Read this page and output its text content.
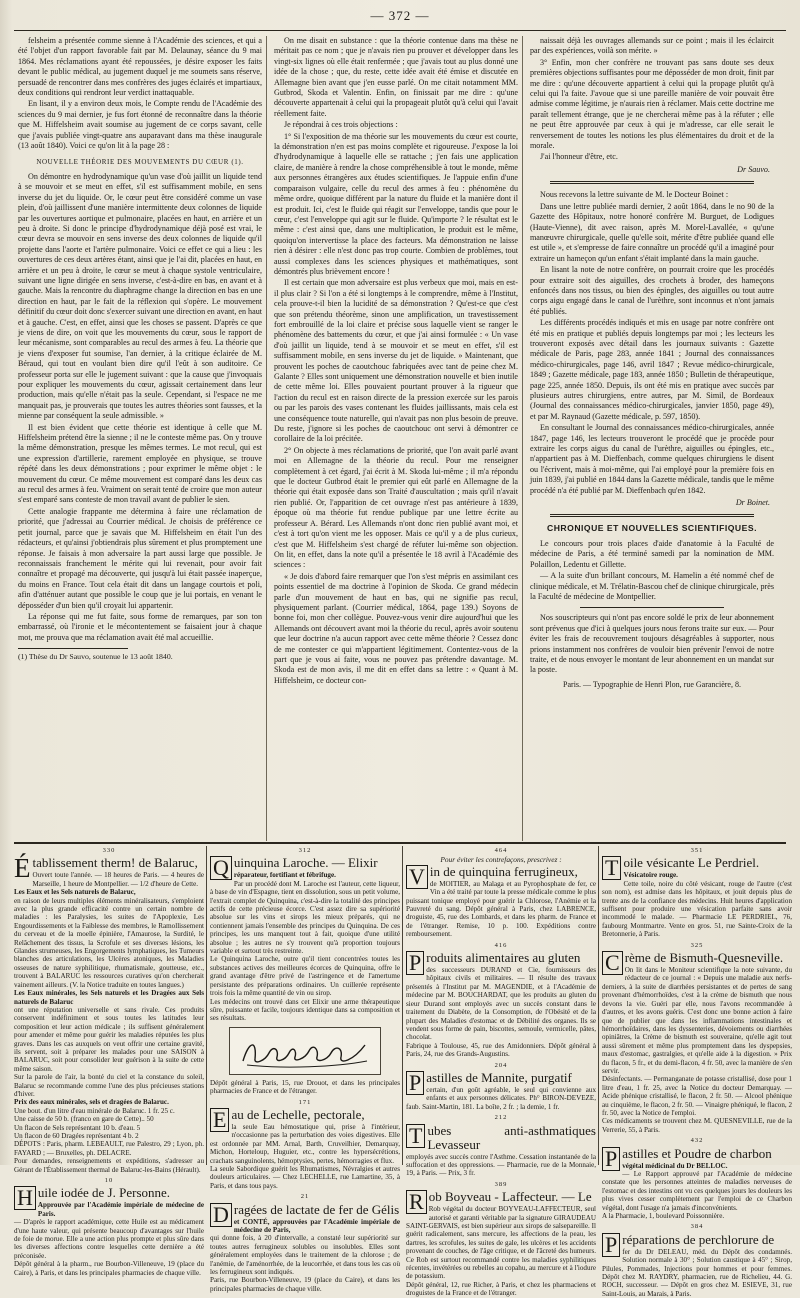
— 372 —

felsheim a présentée comme sienne à l'Académie des sciences, et qui a été l'objet d'un rapport favorable fait par M. Delaunay, séance du 9 mai 1864. Mes réclamations ayant été repoussées, je désire exposer les faits devant le public médical, au jugement duquel je me soumets sans réserve, persuadé de rencontrer dans mes confrères des juges éclairés et impartiaux, deux conditions qui rendront leur verdict inattaquable.

En lisant, il y a environ deux mois, le Compte rendu de l'Académie des sciences du 9 mai dernier, je fus fort étonné de reconnaître dans la théorie que M. Hiffelsheim avait soumise au jugement de ce corps savant, celle que j'avais publiée vingt-quatre ans auparavant dans ma thèse inaugurale (13 août 1840). Voici ce qu'on lit à la page 28 :

NOUVELLE THÉORIE DES MOUVEMENTS DU CŒUR (1).

On démontre en hydrodynamique qu'un vase d'où jaillit un liquide tend à se mouvoir et se meut en effet, s'il est suffisamment mobile, en sens inverse du jet du liquide. Or, le cœur peut être considéré comme un vase plein, d'où jaillissent d'une manière intermittente deux colonnes de liquide par les ouvertures aortique et pulmonaire, placées en haut, en arrière et un peu à droite. Si donc le principe d'hydrodynamique déjà posé est vrai, le cœur devra se mouvoir en sens inverse des deux colonnes de liquide qu'il projette dans l'aorte et l'artère pulmonaire. Voici ce effet ce qui a lieu : les ouvertures de ces deux artères étant, ainsi que je l'ai dit, placées en haut, en arrière et un peu à droite, le cœur se meut à chaque systole ventriculaire, suivant une ligne dirigée en sens inverse, c'est-à-dire en bas, en avant et à gauche. Mais la rencontre du diaphragme change la direction en bas en une direction en haut, par le fait de la réflexion qui s'opère. Le mouvement définitif du cœur doit donc s'exercer suivant une direction en avant, en haut et à gauche. C'est, en effet, ainsi que les choses se passent. D'après ce que je viens de dire, on voit que les mouvements du cœur, sous le rapport de leur mécanisme, sont comparables au recul des armes à feu. La théorie que je viens d'exposer fut soumise, l'an dernier, à la critique éclairée de M. Béraud, qui tout en voulant bien dire qu'il l'eût à son auditoire. Ce professeur porta sur elle le jugement suivant : que la cause que j'invoquais pour expliquer les mouvements du cœur, agissait certainement dans leur production, mais qu'elle n'était pas la seule. Cependant, si l'espace ne me manquait pas, je prouverais que toutes les autres théories sont fausses, et la mienne par conséquent la seule admissible. »

Il est bien évident que cette théorie est identique à celle que M. Hiffelsheim prétend être la sienne ; il ne le conteste même pas. On y trouve la même démonstration, presque les mêmes termes. Le mot recul, qui est une expression d'artillerie, rarement employée en physique, se trouve répété dans les deux démonstrations ; pour exprimer le même objet : le mouvement du cœur. Ce même mouvement est comparé dans les deux cas au recul des armes à feu. Vraiment on serait tenté de croire que mon auteur s'est emparé sans conteste de mon travail avant de publier le sien.

Cette analogie frappante me détermina à faire une réclamation de priorité, que j'adressai au Courrier médical. Je choisis de préférence ce petit journal, parce que je savais que M. Hiffelsheim en était l'un des rédacteurs, et qu'ainsi j'obtiendrais plus sûrement et plus promptement une réponse. Je faisais à mon adversaire la part aussi large que possible. Je reconnaissais franchement le mérite qui lui revenait, pour avoir fait connaître et propagé ma découverte, qui jusqu'à lui était passée inaperçue, du moins en France. Tout cela était dit dans un langage courtois et poli, afin d'atténuer autant que possible le coup que je lui portais, en venant le déposséder d'un bien qu'il croyait lui appartenir.

La réponse qui me fut faite, sous forme de remarques, par son ton embarrassé, où l'ironie et le mécontentement se faisaient jour à chaque mot, me prouva que ma réclamation avait été mal accueillie.

(1) Thèse du Dr Sauvo, soutenue le 13 août 1840.

On me disait en substance : que la théorie contenue dans ma thèse ne méritait pas ce nom ; que je n'avais rien pu prouver et développer dans les vingt-six lignes où elle était renfermée ; que j'avais tout au plus donné une idée de la chose ; que, du reste, cette idée avait été émise et discutée en Allemagne bien avant que j'en eusse parlé. On me citait notamment MM. Gutbrod, Skoda et Valentin. Enfin, on finissait par me dire : qu'une découverte appartenait à celui qui la propageait plutôt qu'à celui qui l'avait réellement faite.

Je répondrai à ces trois objections :

1° Si l'exposition de ma théorie sur les mouvements du cœur est courte, la démonstration n'en est pas moins complète et rigoureuse. J'expose la loi d'hydrodynamique à laquelle elle se rattache ; j'en fais une application claire, de manière à rendre la chose compréhensible à tout le monde, même aux personnes étrangères aux études scientifiques. Je l'appuie enfin d'une comparaison vulgaire, celle du recul des armes à feu : phénomène du même ordre, quoique différent par la nature du fluide et la manière dont il est produit. Ici, c'est le fluide qui réagit sur l'enveloppe, tandis que pour le cœur, c'est l'enveloppe qui agit sur le fluide. Qu'importe ? le résultat est le même : c'est ainsi que, dans une multiplication, le produit est le même, quoiqu'on intervertisse la place des facteurs. Ma démonstration ne laisse rien à désirer : elle n'est donc pas trop courte. Combien de problèmes, tout aussi complexes dans les sciences physiques et mathématiques, sont démontrés plus brièvement encore !

Il est certain que mon adversaire est plus verbeux que moi, mais en est-il plus clair ? Si l'on a été si longtemps à le comprendre, même à l'Institut, cela prouve-t-il bien la lucidité de sa démonstration ? Qu'est-ce que c'est que son prétendu théorème, sinon une amplification, un travestissement fort embrouillé de la loi claire et précise sous laquelle vient se ranger le phénomène des battements du cœur, et que j'ai ainsi formulée : « Un vase d'où jaillit un liquide, tend à se mouvoir et se meut en effet, s'il est suffisamment mobile, en sens inverse du jet de liquide. » Maintenant, que prouvent les poches de caoutchouc fabriquées avec tant de peine chez M. Galante ? Elles sont uniquement une démonstration nouvelle et bien inutile de cette même loi. Elles pouvaient pourtant prouver à la rigueur que l'action du recul est en raison directe de la pression exercée sur les parois ou par les parois des vases contenant les fluides jaillissants, mais cela est une conséquence toute naturelle, qui n'avait pas non plus besoin de preuve. Du reste, j'ignore si les poches de caoutchouc ont servi à démontrer ce corollaire de la loi précitée.

2° On objecte à mes réclamations de priorité, que l'on avait parlé avant moi en Allemagne de la théorie du recul. Pour me renseigner complètement à cet égard, j'ai écrit à M. Skoda lui-même ; il m'a répondu que le docteur Gutbrod était le premier qui eût parlé en Allemagne de la théorie qui était exposée dans son Traité d'auscultation ; mais qu'il n'avait rien publié. Or, l'apparition de cet ouvrage n'est pas antérieure à 1839, époque où ma théorie fut rendue publique par une lettre écrite au professeur A. Bérard. Les Allemands n'ont donc rien publié avant moi, et c'est à tort qu'on vient me les opposer. Mais ce qu'il y a de plus curieux, c'est que M. Hiffelsheim s'est chargé de réfuter lui-même son objection. On lit, en effet, dans la note qu'il a présentée le 18 avril à l'Académie des sciences :

« Je dois d'abord faire remarquer que l'on s'est mépris en assimilant ces points essentiel de ma doctrine à l'opinion de Skoda. Ce grand médecin parle d'un mouvement de haut en bas, qui ne signifie pas recul, physiquement parlant. (Courrier médical, 1864, page 139.) Soyons de bonne foi, mon cher collègue. Pouvez-vous venir dire aujourd'hui que les Allemands ont découvert avant moi la théorie du recul, après avoir soutenu que leur doctrine n'a aucun rapport avec cette même théorie ? Cessez donc de me contester ce qui m'appartient légitimement. Contentez-vous de la part que je vous ai faite, vous ne pouvez pas prétendre davantage. M. Skoda est de mon avis, il me dit en effet dans sa lettre : « Quant à M. Hiffelsheim, ce docteur con-

naissait déjà les ouvrages allemands sur ce point ; mais il les éclaircit par des expériences, voilà son mérite. »

3° Enfin, mon cher confrère ne trouvant pas sans doute ses deux premières objections suffisantes pour me déposséder de mon droit, finit par me dire : qu'une découverte appartient à celui qui la propage plutôt qu'à celui qui l'a faite. J'avoue que si une pareille manière de voir pouvait être admise comme légitime, je n'aurais rien à réclamer. Mais cette doctrine me paraît tellement étrange, que je ne chercherai même pas à la réfuter ; elle ne peut être approuvée par ceux à qui je m'adresse, car elle serait le renversement de toutes les notions les plus élémentaires du droit et de la morale.

J'ai l'honneur d'être, etc.

Dr Sauvo.

Nous recevons la lettre suivante de M. le Docteur Boinet :

Dans une lettre publiée mardi dernier, 2 août 1864, dans le no 90 de la Gazette des Hôpitaux, notre honoré confrère M. Burguet, de Lodigues (Haute-Vienne), dit avec raison, après M. Morel-Lavallée, « qu'une manœuvre chirurgicale, quelle qu'elle soit, mérite d'être publiée quand elle est utile », et s'empresse de faire connaître un procédé qu'il a imaginé pour extraire un hameçon qu'un enfant s'était implanté dans la main gauche.

En lisant la note de notre confrère, on pourrait croire que les procédés pour extraire soit des aiguilles, des crochets à broder, des hameçons enfoncés dans nos tissus, ou bien des épingles, des aiguilles ou tout autre corps aigu engagé dans le canal de l'urèthre, sont inconnus et n'ont jamais été publiés.

Les différents procédés indiqués et mis en usage par notre confrère ont été mis en pratique et publiés depuis longtemps par moi ; les lecteurs les trouveront exposés avec détail dans les journaux suivants : Gazette médicale de Paris, page 283, année 1841 ; Journal des connaissances médico-chirurgicales, page 146, avril 1847 ; Revue médico-chirurgicale, 1849 ; Gazette médicale, page 183, année 1850 ; Bulletin de thérapeutique, page 225, année 1850. Depuis, ils ont été mis en pratique avec succès par plusieurs autres chirurgiens, entre autres, par M. Simil, de Bordeaux (Journal des connaissances médico-chirurgicales, janvier 1850, page 49), et par M. Raynaud (Gazette médicale, p. 597, 1850).

En consultant le Journal des connaissances médico-chirurgicales, année 1847, page 146, les lecteurs trouveront le procédé que je procède pour extraire les corps aigus du canal de l'urèthre, aiguilles ou épingles, etc., n'appartient pas à M. Dieffenbach, comme quelques chirurgiens le disent ou l'écrivent, mais à moi-même, qui l'ai employé pour la première fois en juin 1839, j'ai publié en 1844 dans la Gazette médicale, tandis que le même procédé n'a été publié par M. Dieffenbach qu'en 1842.

Dr Boinet.
CHRONIQUE ET NOUVELLES SCIENTIFIQUES.

Le concours pour trois places d'aide d'anatomie à la Faculté de médecine de Paris, a été terminé samedi par la nomination de MM. Polaillon, Ledentu et Gillette.

— A la suite d'un brillant concours, M. Hamelin a été nommé chef de clinique médicale, et M. Trélatin-Bascou chef de clinique chirurgicale, près la Faculté de médecine de Montpellier.

Nos souscripteurs qui n'ont pas encore soldé le prix de leur abonnement sont prévenus que d'ici à quelques jours nous ferons traite sur eux. — Pour éviter les frais de recouvrement toujours désagréables à supporter, nous prions instamment nos confrères de vouloir bien prévenir l'envoi de notre traite, et de nous envoyer le montant de leur abonnement en un mandat sur la poste.

Paris. — Typographie de Henri Plon, rue Garancière, 8.
330
É tablissement therm! de Balaruc,

Ouvert toute l'année. — 18 heures de Paris. — 4 heures de Marseille, 1 heure de Montpellier. — 1/2 d'heure de Cette.

Les Eaux et les Sels naturels de Balaruc,

en raison de leurs multiples éléments minéralisateurs, s'emploient avec la plus grande efficacité contre un certain nombre de maladies : les Paralysies, les suites de l'Apoplexie, Les Engourdissements et la Faiblesse des membres, le Ramollissement du cerveau et de la moelle épinière, l'Amaurose, la Surdité, le Relâchement des tissus, la Scrofule et ses diverses lésions, les Glandes strumeuses, les Engorgements lymphatiques, les Tumeurs blanches des articulations, les Ulcères atoniques, les Maladies osseuses de nature syphilitique, rhumatismale, goutteuse, etc., trouvent à BALARUC les ressources curatives qu'on chercherait vainement ailleurs. (V. la Notice traduite en toutes langues.)

Les Eaux minérales, les Sels naturels et les Dragées aux Sels naturels de Balaruc

ont une réputation universelle et sans rivale. Ces produits conservent indéfiniment et sous toutes les latitudes leur composition et leur action médicale ; ils suffisent généralement pour amender et même pour guérir les maladies réputées les plus graves. Dans les cas auxquels on veut offrir une certaine gravité, ils servent, soit à préparer les malades pour une SAISON à BALARUC, soit pour consolider leur guérison à la suite de cette même saison.

Sur la parole de l'air, la bonté du ciel et la constance du soleil, Balaruc se recommande comme l'une des plus précieuses stations d'hiver.

Prix des eaux minérales, sels et dragées de Balaruc.

Une bout. d'un litre d'eau minérale de Balaruc. 1 fr. 25 c.

Une caisse de 50 b. (franco en gare de Cette).. 50

Un flacon de Sels représentant 10 b. d'eau. 5

Un flacon de 60 Dragées représentant 4 b. 2

DÉPOTS : Paris, pharm. LEBEAULT, rue Palestro, 29 ; Lyon, ph. FAYARD ; — Bruxelles, ph. DELACRE.

Pour demandes, renseignements et expéditions, s'adresser au Gérant de l'Établissement thermal de Balaruc-les-Bains (Hérault).

10
H uile iodée de J. Personne.

Approuvée par l'Académie impériale de médecine de Paris.

— D'après le rapport académique, cette Huile est au médicament d'une haute valeur, qui présente beaucoup d'avantages sur l'huile de foie de morue. Elle a une action plus prompte et plus sûre dans les diverses affections contre lesquelles cette dernière a été préconisée.

Dépôt général à la pharm., rue Bourbon-Villeneuve, 19 (place du Caire), à Paris, et dans les principales pharmacies de chaque ville.

312
Q uinquina Laroche. — Elixir

réparateur, fortifiant et fébrifuge.

Par un procédé dont M. Laroche est l'auteur, cette liqueur, à base de vin d'Espagne, tient en dissolution, sous un petit volume, l'extrait complet de Quinquina, c'est-à-dire la totalité des principes actifs de cette précieuse écorce. C'est assez dire sa supériorité absolue sur les vins et sirops les mieux préparés, qui ne contiennent jamais l'ensemble des principes du Quinquina. De ces principes, les uns manquent tout à fait, quoique d'une utilité absolue ; les autres ne s'y trouvent qu'à proportion toujours variable et surtout très restreinte.

Le Quinquina Laroche, outre qu'il tient concentrées toutes les substances actives des meilleures écorces de Quinquina, offre le grand avantage d'être privé de l'astringence et de l'amertume persistante des préparations ordinaires. Un cuillerée représente trois fois la même quantité de vin ou sirop.

Les médecins ont trouvé dans cet Elixir une arme thérapeutique sûre, puissante et facile, toujours identique dans sa composition et ses résultats.

Dépôt général à Paris, 15, rue Drouot, et dans les principales pharmacies de France et de l'étranger.

171
E au de Lechelle, pectorale,

la seule Eau hémostatique qui, prise à l'intérieur, n'occasionne pas la perturbation des voies digestives. Elle est ordonnée par MM. Arnal, Barth, Cruveilhier, Demarquay, Michon, Horteloup, Huguier, etc., contre les hypersécrétions, crachats sanguinolents, hémoptysies, pertes, hémorragies et flux.

La seule Sabordique guérit les Rhumatismes, Névralgies et autres douleurs articulaires. — Chez LECHELLE, rue Lamartine, 35, à Paris, et dans tous pays.

21
D ragées de lactate de fer de Gélis

et CONTÉ, approuvées par l'Académie impériale de médecine de Paris,

qui donne fois, à 20 d'intervalle, a constaté leur supériorité sur toutes autres ferrugineux solubles ou insolubles. Elles sont généralement employées dans le traitement de la chlorose ; de l'anémie, de l'aménorrhée, de la leucorrhée, et dans tous les cas où les ferrugineux sont indiqués.

Paris, rue Bourbon-Villeneuve, 19 (place du Caire), et dans les principales pharmacies de chaque ville.

464
Pour éviter les contrefaçons, prescrivez :
V in de quinquina ferrugineux,

de MOITIER, au Malaga et au Pyrophosphate de fer, ce Vin a été traité par toute la presse médicale comme le plus puissant tonique employé pour guérir la Chlorose, l'Anémie et la Pauvreté du sang. Dépôt général à Paris, chez LABRENCE, droguiste, 45, rue des Lombards, et dans les pharm. de France et de l'étranger. Remise, 10 p. 100. Expéditions contre remboursement.

416
P roduits alimentaires au gluten

des successeurs DURAND et Cie, fournisseurs des hôpitaux civils et militaires. — Il résulte des travaux présentés à l'Institut par M. MAGENDIE, et à l'Académie de médecine par M. BOUCHARDAT, que les produits au gluten du sieur Durand sont employés avec un succès constant dans le traitement du Diabète, de la Consomption, de l'Obésité et de la plupart des Maladies d'estomac et de Débilité des organes. Ils se vendent sous forme de pain, biscottes, semoule, vermicelle, pâtes, chocolat.

Fabrique à Toulouse, 45, rue des Amidonniers. Dépôt général à Paris, 24, rue des Grands-Augustins.

204
P astilles de Mannite, purgatif

certain, d'un goût agréable, le seul qui convienne aux enfants et aux personnes délicates. Ph° BIRON-DEVEZE, faub. Saint-Martin, 181. La boîte, 2 fr. ; la demie, 1 fr.

212
T ubes anti-asthmatiques Levasseur

employés avec succès contre l'Asthme. Cessation instantanée de la suffocation et des oppressions. — Pharmacie, rue de la Monnaie, 19, à Paris. — Prix, 3 fr.

389
R ob Boyveau - Laffecteur. — Le

Rob végétal du docteur BOYVEAU-LAFFECTEUR, seul autorisé et garanti véritable par la signature GIRAUDEAU SAINT-GERVAIS, est bien supérieur aux sirops de salsepareille. Il guérit radicalement, sans mercure, les affections de la peau, les dartres, les scrofules, les suites de gale, les ulcères et les accidents provenant de couches, de l'âge critique, et de l'âcreté des humeurs. Ce Rob est surtout recommandé contre les maladies syphilitiques récentes, invétérées ou rebelles au copahu, au mercure et à l'iodure de potassium.

Dépôt général, 12, rue Richer, à Paris, et chez les pharmaciens et droguistes de la France et de l'étranger.

351
T oile vésicante Le Perdriel.

Vésicatoire rouge.

Cette toile, noire du côté vésicant, rouge de l'autre (c'est son nom), est admise dans les hôpitaux, et jouit depuis plus de trente ans de la confiance des médecins. Huit heures d'application suffisent pour produire une vésication parfaite sans avoir incommodé le malade. — Pharmacie LE PERDRIEL, 76, faubourg Montmartre. Vente en gros. 51, rue Sainte-Croix de la Bretonnerie, à Paris.

325
C rème de Bismuth-Quesneville.

On lit dans le Moniteur scientifique la note suivante, du rédacteur de ce journal : « Depuis une maladie aux nerfs-derniers, à la suite de diarrhées persistantes et de pertes de sang provenant d'hémorrhoïdes, c'est à la crème de bismuth que nous devons la vie. Guéri par elle, nous l'avons recommandée à d'autres, et les avons guéris. C'est donc une bonne action à faire que de publier que dans les inflammations intestinales et hémorrhoïdaires, dans les dyssenteries, dévoiements ou diarrhées opiniâtres, la Crème de bismuth est souveraine, qu'elle agit tout aussi sûrement et même plus promptement dans les dyspepsies, maux d'estomac, gastralgies, et qu'elle aide à la digestion. » Prix du flacon, 5 fr., et du demi-flacon, 4 fr. 50, avec la manière de s'en servir.

Désinfectants. — Permanganate de potasse cristallisé, dose pour 1 litre d'eau, 1 fr. 25, avec la Notice du docteur Demarquay. — Acide phénique cristallisé, le flacon, 2 fr. 50. — Alcool phénique au cinquième, le flacon, 2 fr. 50. — Vinaigre phéniqué, le flacon, 2 fr. 50, avec la Notice de l'emploi.

Ces médicaments se trouvent chez M. QUESNEVILLE, rue de la Verrerie, 55, à Paris.

432
P astilles et Poudre de charbon

végétal médicinal du Dr BELLOC.

— Le Rapport approuvé par l'Académie de médecine constate que les personnes atteintes de maladies nerveuses de l'estomac et des intestins ont vu ces quelques jours les douleurs les plus vives cesser complètement par l'emploi de ce Charbon végétal, dont l'usage n'a jamais d'inconvénients.

A la Pharmacie, 1, boulevard Poissonnière.

384
P réparations de perchlorure de

fer du Dr DELEAU, méd. du Dépôt des condamnés. Solution normale à 30° ; Solution caustique à 45° ; Sirop, Pilules, Pommades, Injections pour hommes et pour femmes. Dépôt chez M. RAYDRY, pharmacien, rue de Richelieu, 44. G. ROCH, successeur. — Dépôt en gros chez M. ESIEVE, 31, rue Saint-Louis, au Marais, à Paris.
